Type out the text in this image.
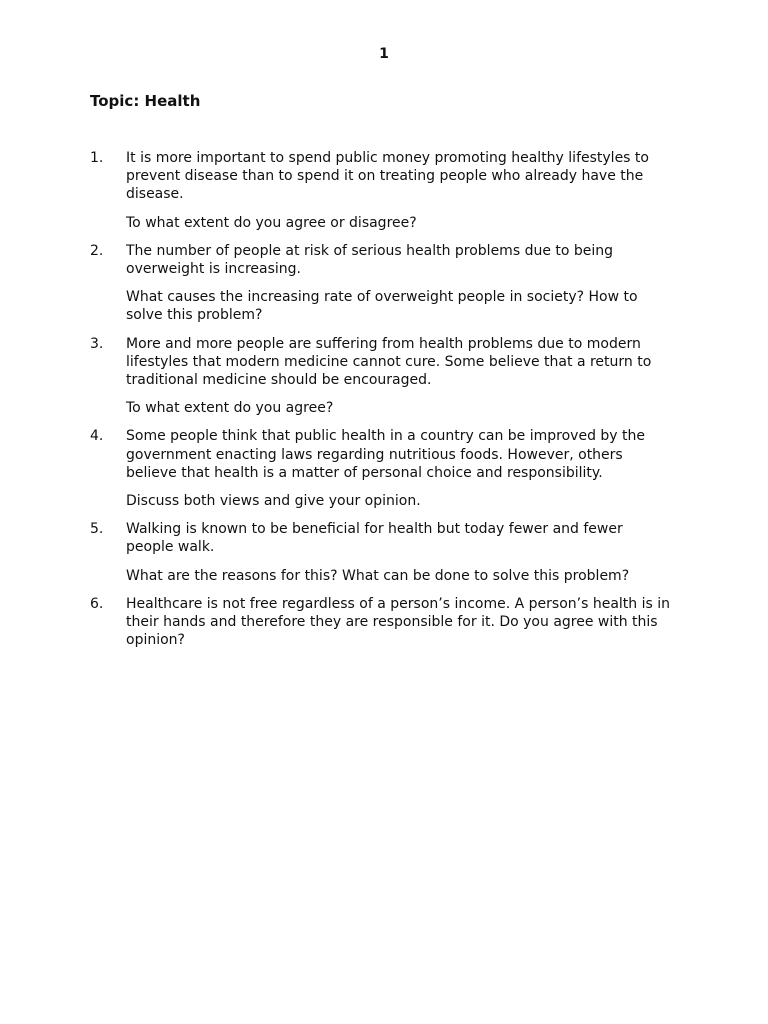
1
Topic: Health
1.	It is more important to spend public money promoting healthy lifestyles to prevent disease than to spend it on treating people who already have the disease.

To what extent do you agree or disagree?

2.	The number of people at risk of serious health problems due to being overweight is increasing.

What causes the increasing rate of overweight people in society? How to solve this problem?

3.	More and more people are suffering from health problems due to modern lifestyles that modern medicine cannot cure. Some believe that a return to traditional medicine should be encouraged.

To what extent do you agree?

4.	Some people think that public health in a country can be improved by the government enacting laws regarding nutritious foods. However, others believe that health is a matter of personal choice and responsibility.

Discuss both views and give your opinion.

5.	Walking is known to be beneficial for health but today fewer and fewer people walk.

What are the reasons for this? What can be done to solve this problem?

6.	Healthcare is not free regardless of a person’s income. A person’s health is in their hands and therefore they are responsible for it. Do you agree with this opinion?
